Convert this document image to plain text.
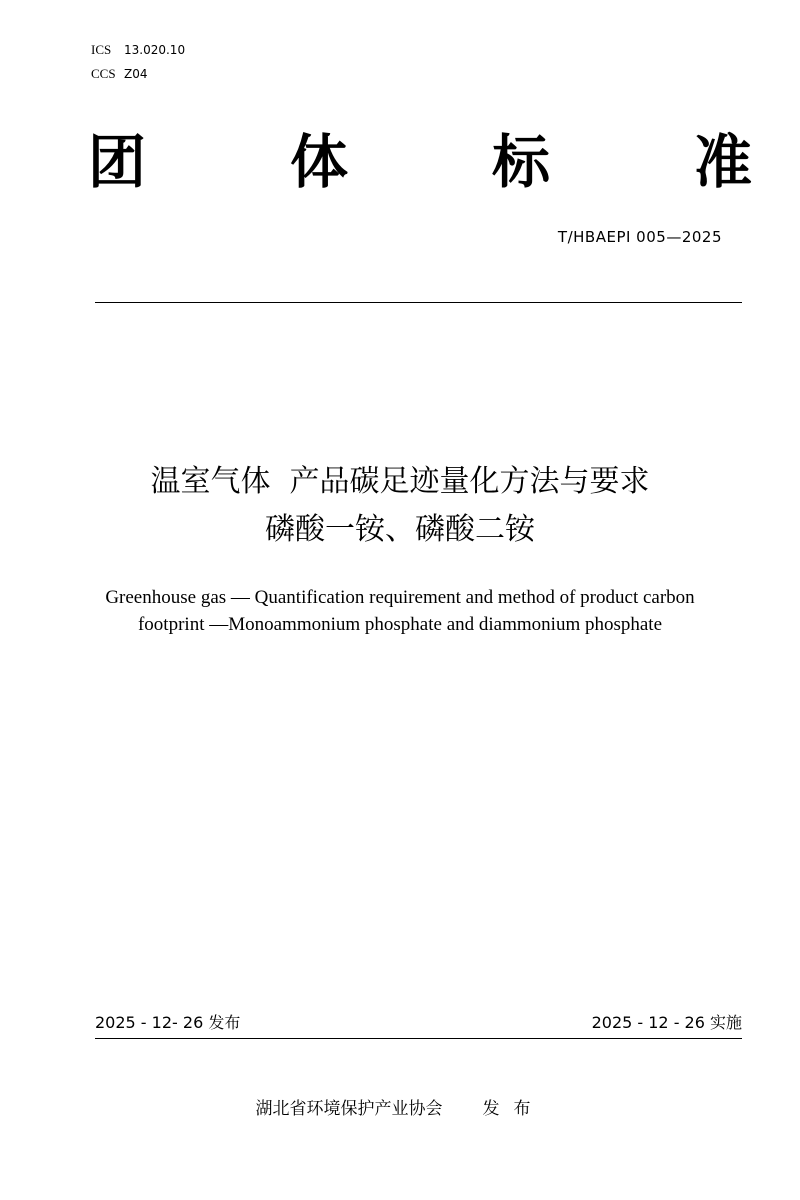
ICS	13.020.10
CCS Z04
团 体 标 准
T/HBAEPI 005—2025
温室气体  产品碳足迹量化方法与要求
磷酸一铵、磷酸二铵
Greenhouse gas — Quantification requirement and method of product carbon
footprint —Monoammonium phosphate and diammonium phosphate
2025 - 12- 26 发布	2025 - 12 - 26 实施
湖北省环境保护产业协会 发布
